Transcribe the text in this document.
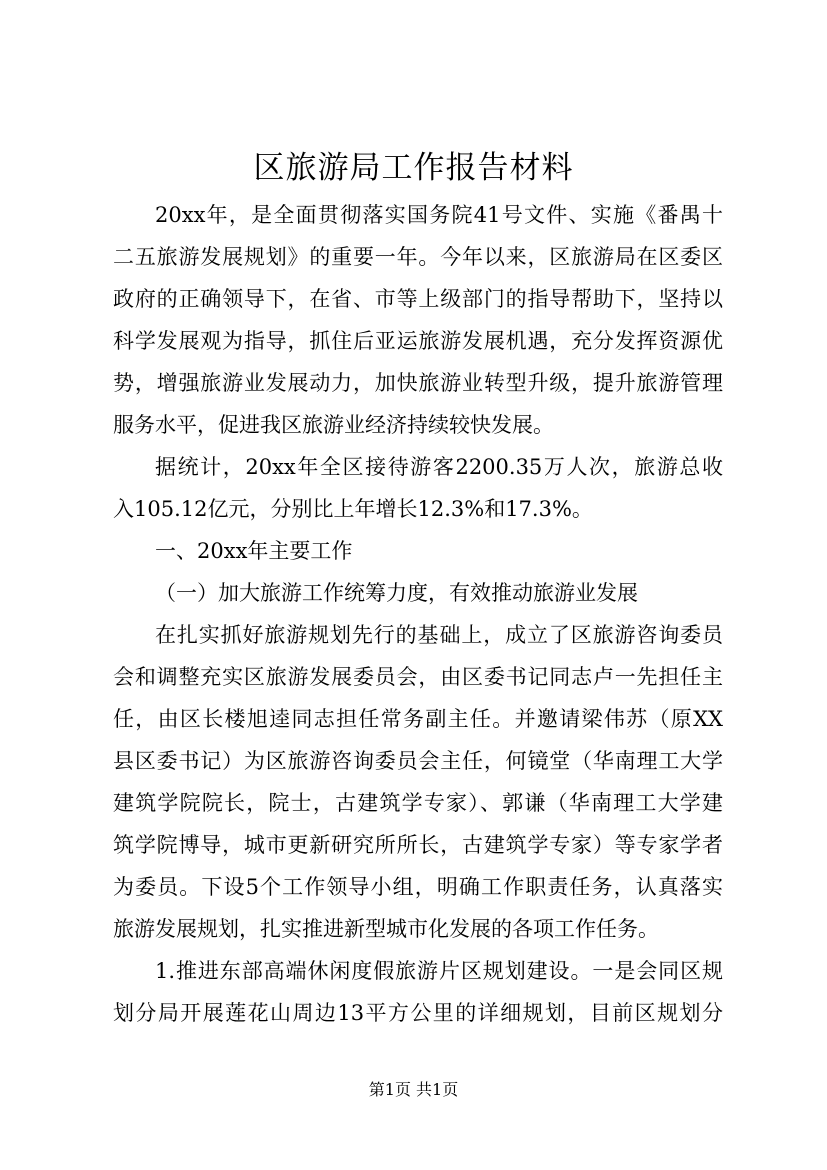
区旅游局工作报告材料
20xx年，是全面贯彻落实国务院41号文件、实施《番禺十
二五旅游发展规划》的重要一年。今年以来，区旅游局在区委区
政府的正确领导下，在省、市等上级部门的指导帮助下，坚持以
科学发展观为指导，抓住后亚运旅游发展机遇，充分发挥资源优
势，增强旅游业发展动力，加快旅游业转型升级，提升旅游管理
服务水平，促进我区旅游业经济持续较快发展。
据统计，20xx年全区接待游客2200.35万人次，旅游总收
入105.12亿元，分别比上年增长12.3%和17.3%。
一、20xx年主要工作
（一）加大旅游工作统筹力度，有效推动旅游业发展
在扎实抓好旅游规划先行的基础上，成立了区旅游咨询委员
会和调整充实区旅游发展委员会，由区委书记同志卢一先担任主
任，由区长楼旭逵同志担任常务副主任。并邀请梁伟苏（原XX
县区委书记）为区旅游咨询委员会主任，何镜堂（华南理工大学
建筑学院院长，院士，古建筑学专家）、郭谦（华南理工大学建
筑学院博导，城市更新研究所所长，古建筑学专家）等专家学者
为委员。下设5个工作领导小组，明确工作职责任务，认真落实
旅游发展规划，扎实推进新型城市化发展的各项工作任务。
1.推进东部高端休闲度假旅游片区规划建设。一是会同区规
划分局开展莲花山周边13平方公里的详细规划，目前区规划分
第1页 共1页
